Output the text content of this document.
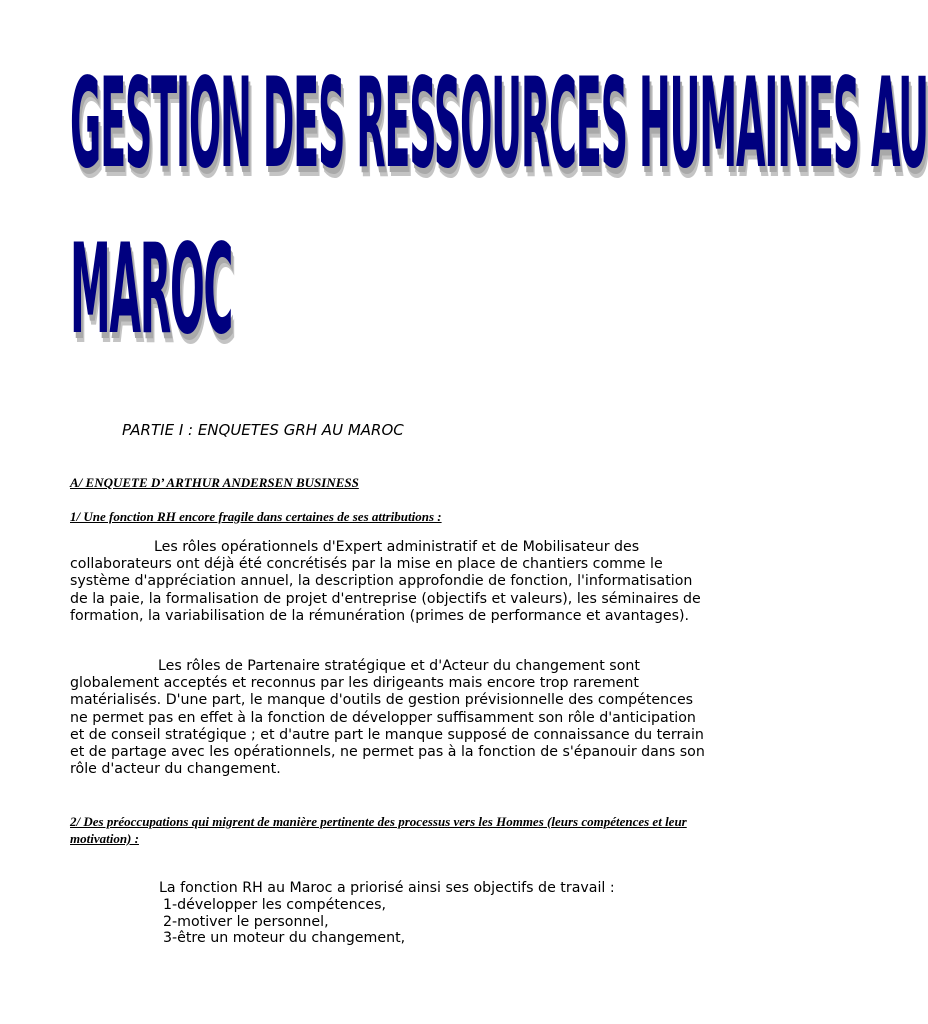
GESTION DES RESSOURCES HUMAINES AU
MAROC
PARTIE I : ENQUETES GRH AU MAROC
A/ ENQUETE D’ ARTHUR ANDERSEN BUSINESS
1/ Une fonction RH encore fragile dans certaines de ses attributions :

Les rôles opérationnels d'Expert administratif et de Mobilisateur des collaborateurs ont déjà été concrétisés par la mise en place de chantiers comme le système d'appréciation annuel, la description approfondie de fonction, l'informatisation de la paie, la formalisation de projet d'entreprise (objectifs et valeurs), les séminaires de formation, la variabilisation de la rémunération (primes de performance et avantages).

Les rôles de Partenaire stratégique et d'Acteur du changement sont globalement acceptés et reconnus par les dirigeants mais encore trop rarement matérialisés. D'une part, le manque d'outils de gestion prévisionnelle des compétences ne permet pas en effet à la fonction de développer suffisamment son rôle d'anticipation et de conseil stratégique ; et d'autre part le manque supposé de connaissance du terrain et de partage avec les opérationnels, ne permet pas à la fonction de s'épanouir dans son rôle d'acteur du changement.

2/ Des préoccupations qui migrent de manière pertinente des processus vers les Hommes (leurs compétences et leur motivation) :
La fonction RH au Maroc a priorisé ainsi ses objectifs de travail :
1-développer les compétences,
2-motiver le personnel,
3-être un moteur du changement,
